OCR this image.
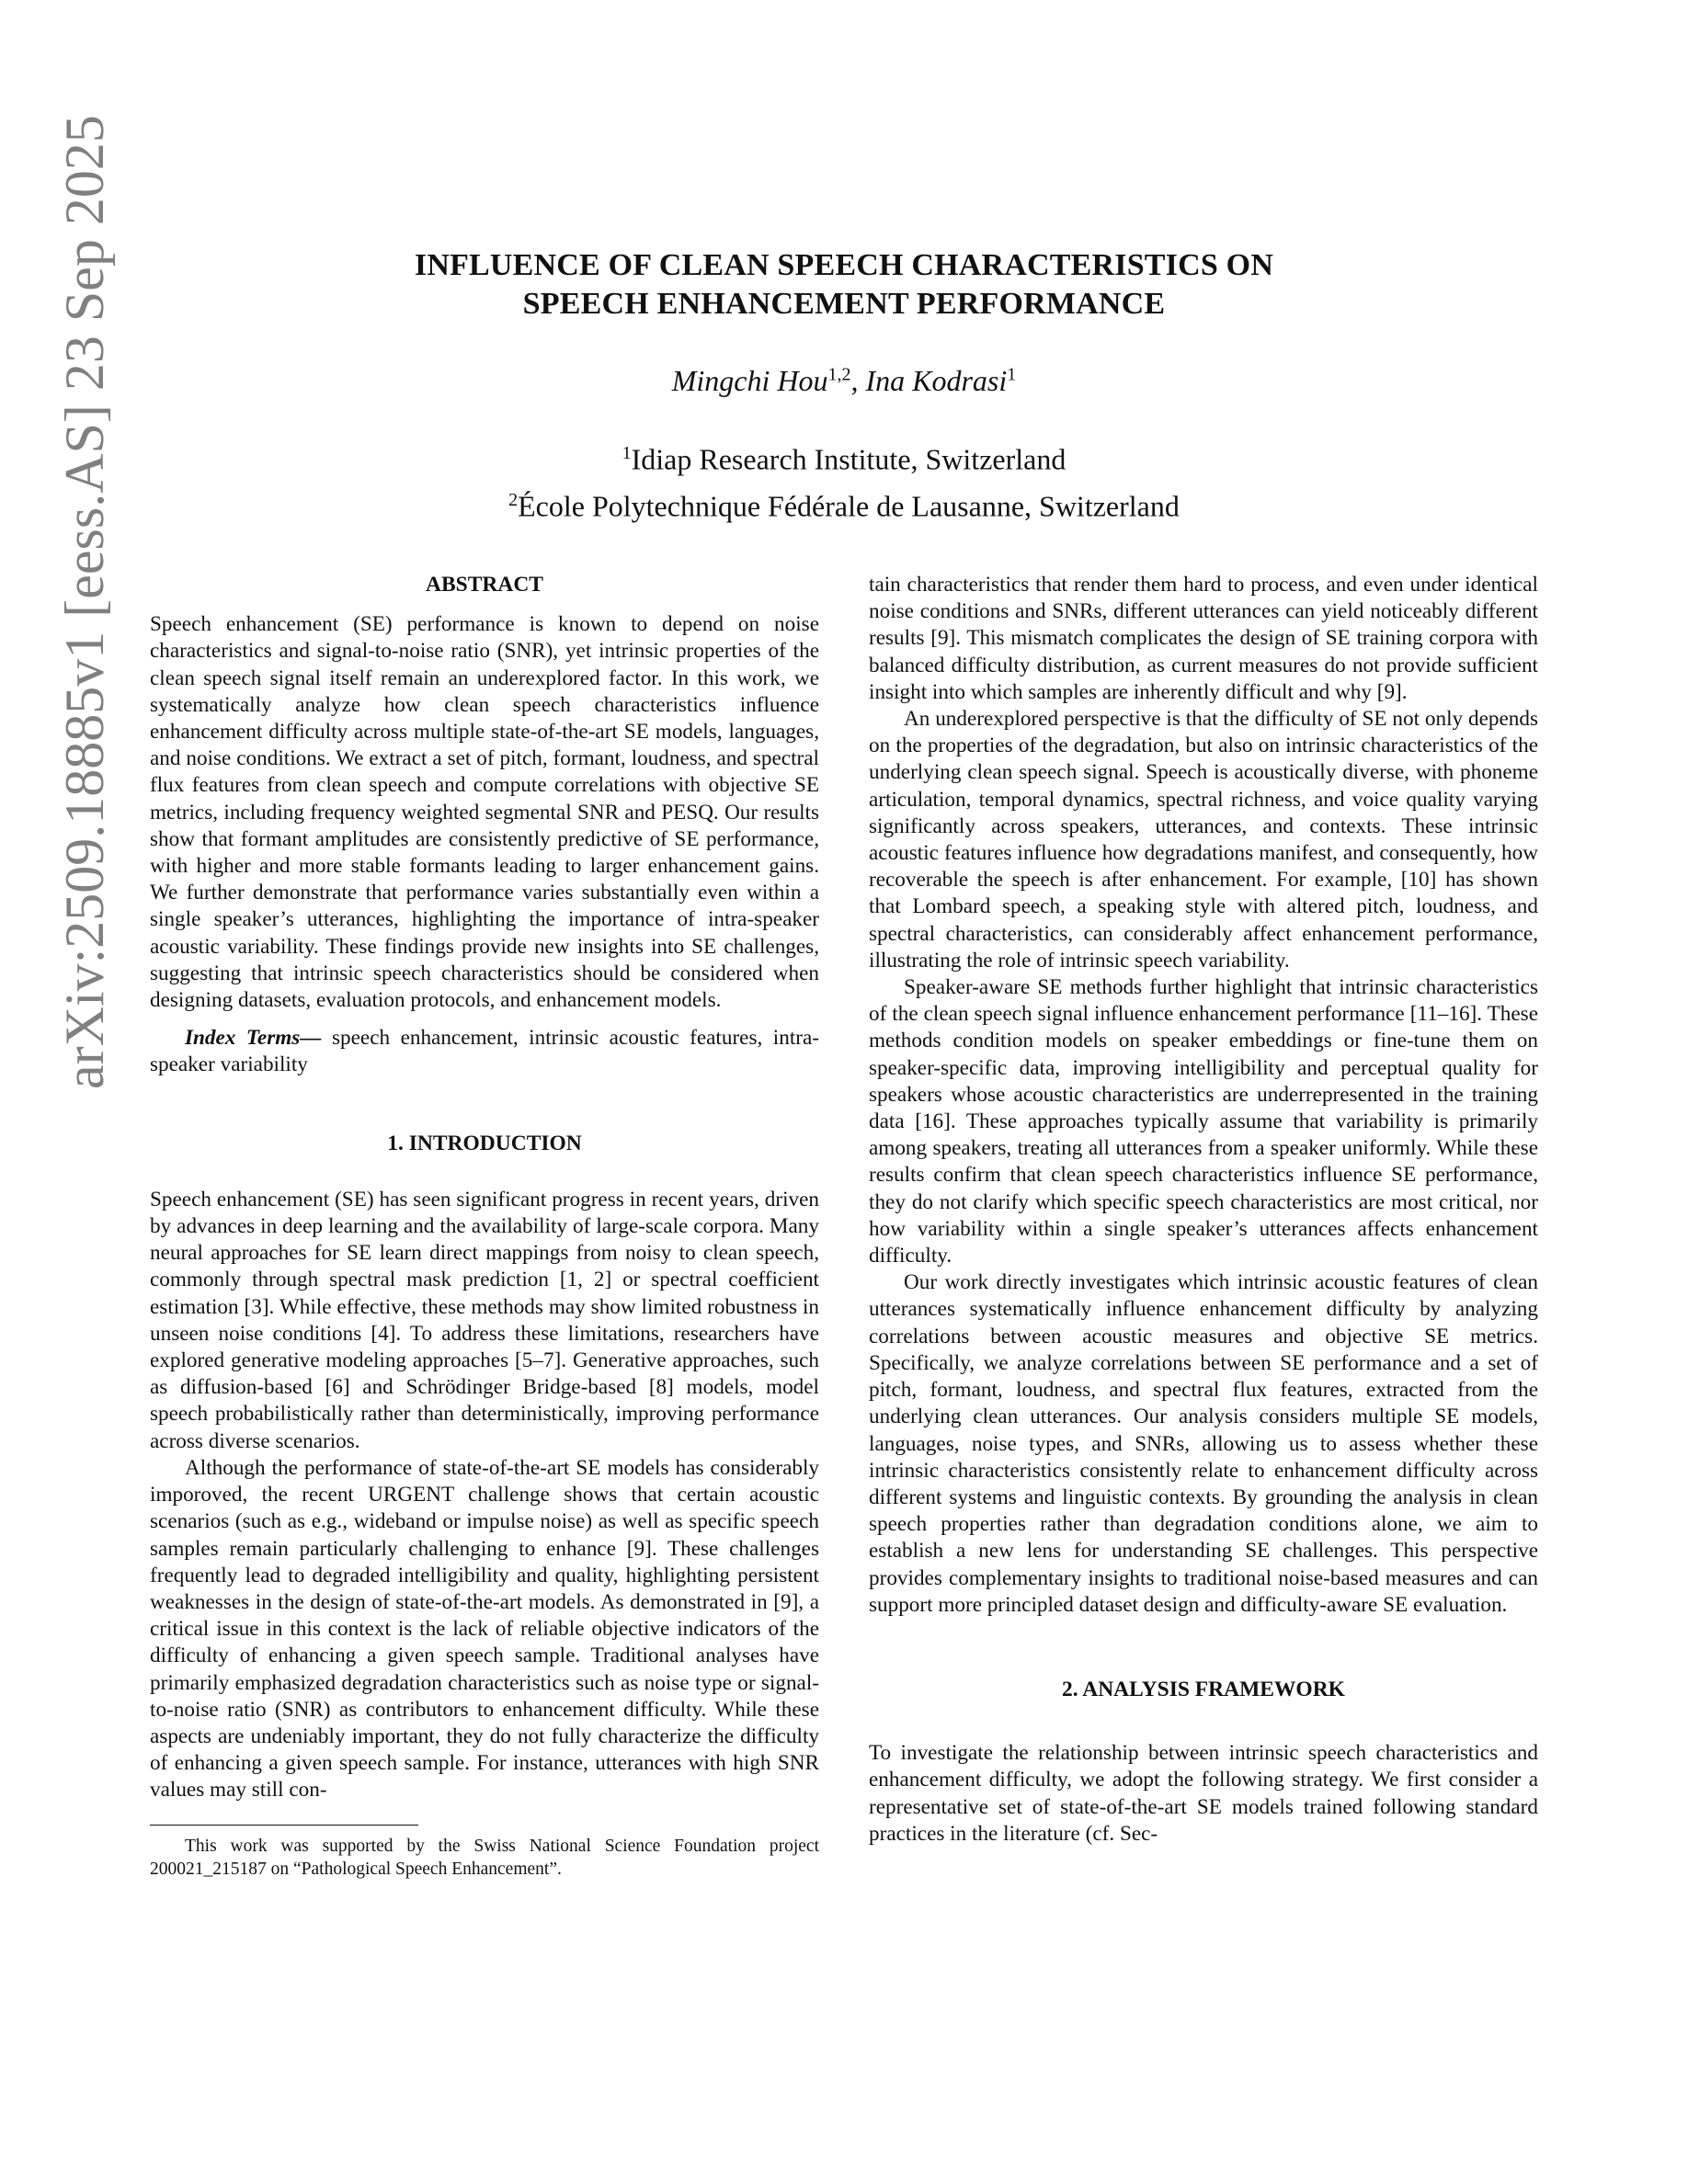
arXiv:2509.18885v1 [eess.AS] 23 Sep 2025	INFLUENCE OF CLEAN SPEECH CHARACTERISTICS ON
SPEECH ENHANCEMENT PERFORMANCE
Mingchi Hou$^{1,2}$, Ina Kodrasi$^1$
$^1$Idiap Research Institute, Switzerland
$^2$École Polytechnique Fédérale de Lausanne, Switzerland
ABSTRACT

Speech enhancement (SE) performance is known to depend on noise characteristics and signal-to-noise ratio (SNR), yet intrinsic properties of the clean speech signal itself remain an underexplored factor. In this work, we systematically analyze how clean speech characteristics influence enhancement difficulty across multiple state-of-the-art SE models, languages, and noise conditions. We extract a set of pitch, formant, loudness, and spectral flux features from clean speech and compute correlations with objective SE metrics, including frequency weighted segmental SNR and PESQ. Our results show that formant amplitudes are consistently predictive of SE performance, with higher and more stable formants leading to larger enhancement gains. We further demonstrate that performance varies substantially even within a single speaker’s utterances, highlighting the importance of intra-speaker acoustic variability. These findings provide new insights into SE challenges, suggesting that intrinsic speech characteristics should be considered when designing datasets, evaluation protocols, and enhancement models.

Index Terms— speech enhancement, intrinsic acoustic features, intra-speaker variability

1. INTRODUCTION

Speech enhancement (SE) has seen significant progress in recent years, driven by advances in deep learning and the availability of large-scale corpora. Many neural approaches for SE learn direct mappings from noisy to clean speech, commonly through spectral mask prediction [1, 2] or spectral coefficient estimation [3]. While effective, these methods may show limited robustness in unseen noise conditions [4]. To address these limitations, researchers have explored generative modeling approaches [5–7]. Generative approaches, such as diffusion-based [6] and Schrödinger Bridge-based [8] models, model speech probabilistically rather than deterministically, improving performance across diverse scenarios.

Although the performance of state-of-the-art SE models has considerably imporoved, the recent URGENT challenge shows that certain acoustic scenarios (such as e.g., wideband or impulse noise) as well as specific speech samples remain particularly challenging to enhance [9]. These challenges frequently lead to degraded intelligibility and quality, highlighting persistent weaknesses in the design of state-of-the-art models. As demonstrated in [9], a critical issue in this context is the lack of reliable objective indicators of the difficulty of enhancing a given speech sample. Traditional analyses have primarily emphasized degradation characteristics such as noise type or signal-to-noise ratio (SNR) as contributors to enhancement difficulty. While these aspects are undeniably important, they do not fully characterize the difficulty of enhancing a given speech sample. For instance, utterances with high SNR values may still con-

This work was supported by the Swiss National Science Foundation project 200021_215187 on “Pathological Speech Enhancement”.

tain characteristics that render them hard to process, and even under identical noise conditions and SNRs, different utterances can yield noticeably different results [9]. This mismatch complicates the design of SE training corpora with balanced difficulty distribution, as current measures do not provide sufficient insight into which samples are inherently difficult and why [9].

An underexplored perspective is that the difficulty of SE not only depends on the properties of the degradation, but also on intrinsic characteristics of the underlying clean speech signal. Speech is acoustically diverse, with phoneme articulation, temporal dynamics, spectral richness, and voice quality varying significantly across speakers, utterances, and contexts. These intrinsic acoustic features influence how degradations manifest, and consequently, how recoverable the speech is after enhancement. For example, [10] has shown that Lombard speech, a speaking style with altered pitch, loudness, and spectral characteristics, can considerably affect enhancement performance, illustrating the role of intrinsic speech variability.

Speaker-aware SE methods further highlight that intrinsic characteristics of the clean speech signal influence enhancement performance [11–16]. These methods condition models on speaker embeddings or fine-tune them on speaker-specific data, improving intelligibility and perceptual quality for speakers whose acoustic characteristics are underrepresented in the training data [16]. These approaches typically assume that variability is primarily among speakers, treating all utterances from a speaker uniformly. While these results confirm that clean speech characteristics influence SE performance, they do not clarify which specific speech characteristics are most critical, nor how variability within a single speaker’s utterances affects enhancement difficulty.

Our work directly investigates which intrinsic acoustic features of clean utterances systematically influence enhancement difficulty by analyzing correlations between acoustic measures and objective SE metrics. Specifically, we analyze correlations between SE performance and a set of pitch, formant, loudness, and spectral flux features, extracted from the underlying clean utterances. Our analysis considers multiple SE models, languages, noise types, and SNRs, allowing us to assess whether these intrinsic characteristics consistently relate to enhancement difficulty across different systems and linguistic contexts. By grounding the analysis in clean speech properties rather than degradation conditions alone, we aim to establish a new lens for understanding SE challenges. This perspective provides complementary insights to traditional noise-based measures and can support more principled dataset design and difficulty-aware SE evaluation.

2. ANALYSIS FRAMEWORK

To investigate the relationship between intrinsic speech characteristics and enhancement difficulty, we adopt the following strategy. We first consider a representative set of state-of-the-art SE models trained following standard practices in the literature (cf. Sec-
